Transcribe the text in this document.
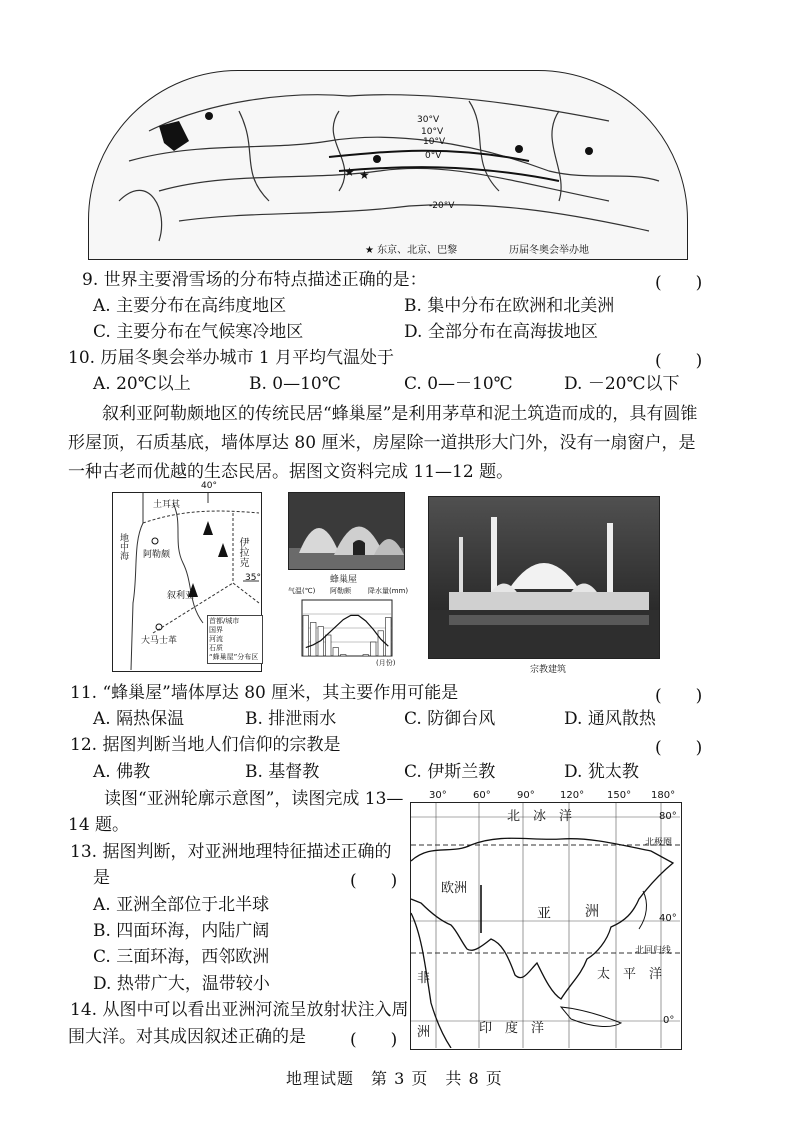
★ ★
30°V
10°V
10°V
0°V
-20°V
★ 东京、北京、巴黎	历届冬奥会举办地
9. 世界主要滑雪场的分布特点描述正确的是：	(　　)
A. 主要分布在高纬度地区	B. 集中分布在欧洲和北美洲
C. 主要分布在气候寒冷地区	D. 全部分布在高海拔地区
10. 历届冬奥会举办城市 1 月平均气温处于	(　　)
A. 20℃以上	B. 0—10℃	C. 0—－10℃	D. －20℃以下
叙利亚阿勒颇地区的传统民居“蜂巢屋”是利用茅草和泥土筑造而成的，具有圆锥形屋顶，石质基底，墙体厚达 80 厘米，房屋除一道拱形大门外，没有一扇窗户，是一种古老而优越的生态民居。据图文资料完成 11—12 题。
40°
35°
土耳其
地中海 阿勒颇
叙利亚
伊拉克
大马士革
首都/城市
国界
河流
石质
“蜂巢屋”分布区
蜂巢屋
气温(℃) 阿勒颇 降水量(mm)
(月份)
宗教建筑
11. “蜂巢屋”墙体厚达 80 厘米，其主要作用可能是	(　　)
A. 隔热保温	B. 排泄雨水	C. 防御台风	D. 通风散热
12. 据图判断当地人们信仰的宗教是	(　　)
A. 佛教	B. 基督教	C. 伊斯兰教	D. 犹太教
读图“亚洲轮廓示意图”，读图完成 13—
14 题。
13. 据图判断，对亚洲地理特征描述正确的
是	(　　)
A. 亚洲全部位于北半球
B. 四面环海，内陆广阔
C. 三面环海，西邻欧洲
D. 热带广大，温带较小
14. 从图中可以看出亚洲河流呈放射状注入周
围大洋。对其成因叙述正确的是	(　　)
30°	60°	90°	120° 150° 180°
80°
40°
0°
北　冰　洋
北极圈
北回归线
欧洲
亚 洲
太　平　洋
非
洲	印　度　洋
地理试题　第 3 页　共 8 页
